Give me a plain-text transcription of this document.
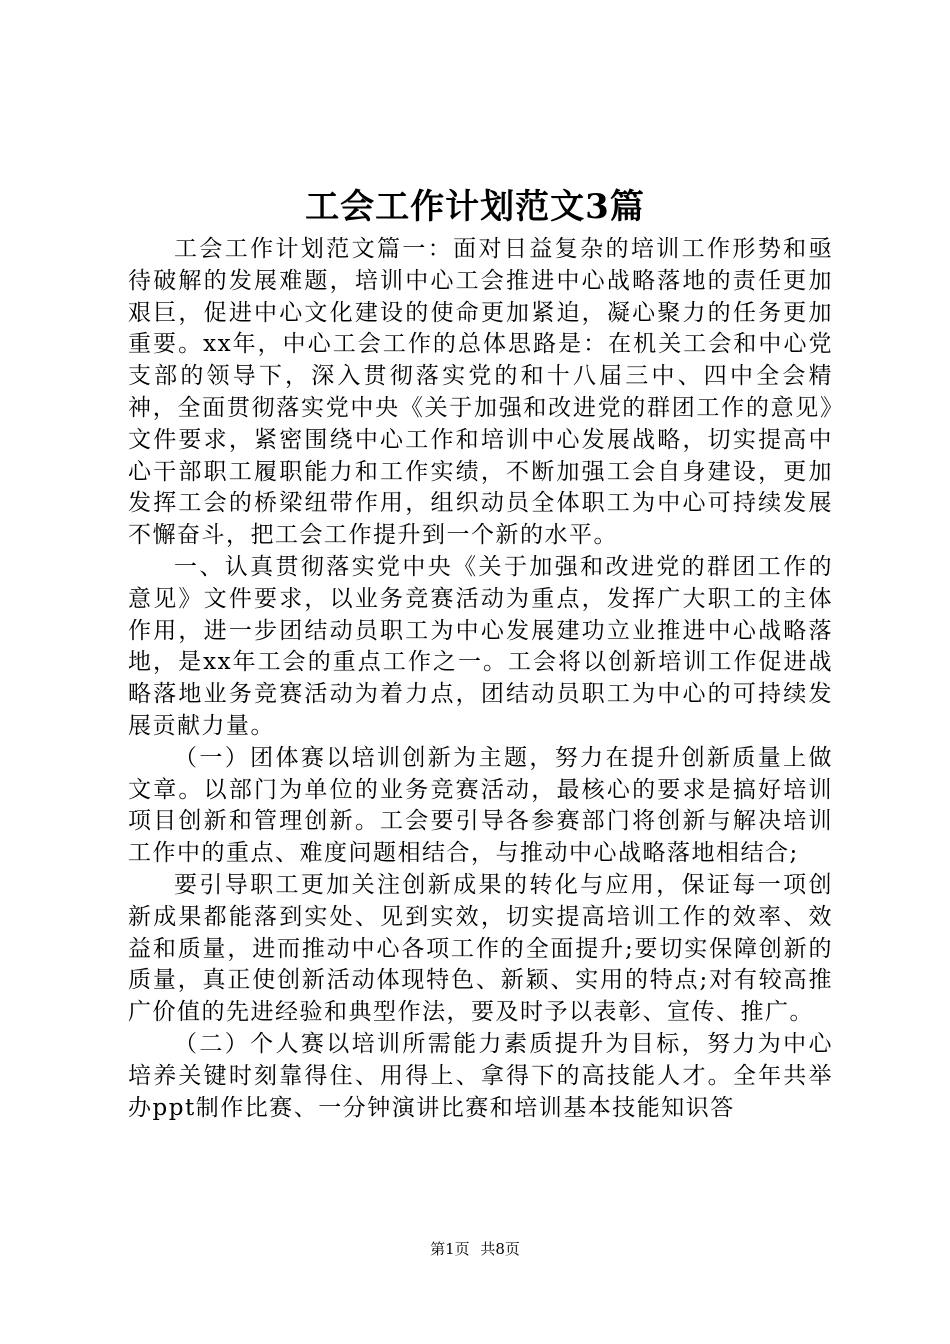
工会工作计划范文3篇

工会工作计划范文篇一：面对日益复杂的培训工作形势和亟待破解的发展难题，培训中心工会推进中心战略落地的责任更加艰巨，促进中心文化建设的使命更加紧迫，凝心聚力的任务更加重要。xx年，中心工会工作的总体思路是：在机关工会和中心党支部的领导下，深入贯彻落实党的和十八届三中、四中全会精神，全面贯彻落实党中央《关于加强和改进党的群团工作的意见》文件要求，紧密围绕中心工作和培训中心发展战略，切实提高中心干部职工履职能力和工作实绩，不断加强工会自身建设，更加发挥工会的桥梁纽带作用，组织动员全体职工为中心可持续发展不懈奋斗，把工会工作提升到一个新的水平。

一、认真贯彻落实党中央《关于加强和改进党的群团工作的意见》文件要求，以业务竞赛活动为重点，发挥广大职工的主体作用，进一步团结动员职工为中心发展建功立业推进中心战略落地，是xx年工会的重点工作之一。工会将以创新培训工作促进战略落地业务竞赛活动为着力点，团结动员职工为中心的可持续发展贡献力量。

（一）团体赛以培训创新为主题，努力在提升创新质量上做文章。以部门为单位的业务竞赛活动，最核心的要求是搞好培训项目创新和管理创新。工会要引导各参赛部门将创新与解决培训工作中的重点、难度问题相结合，与推动中心战略落地相结合;

要引导职工更加关注创新成果的转化与应用，保证每一项创新成果都能落到实处、见到实效，切实提高培训工作的效率、效益和质量，进而推动中心各项工作的全面提升;要切实保障创新的质量，真正使创新活动体现特色、新颖、实用的特点;对有较高推广价值的先进经验和典型作法，要及时予以表彰、宣传、推广。

（二）个人赛以培训所需能力素质提升为目标，努力为中心培养关键时刻靠得住、用得上、拿得下的高技能人才。全年共举办ppt制作比赛、一分钟演讲比赛和培训基本技能知识答

第1页 共8页
